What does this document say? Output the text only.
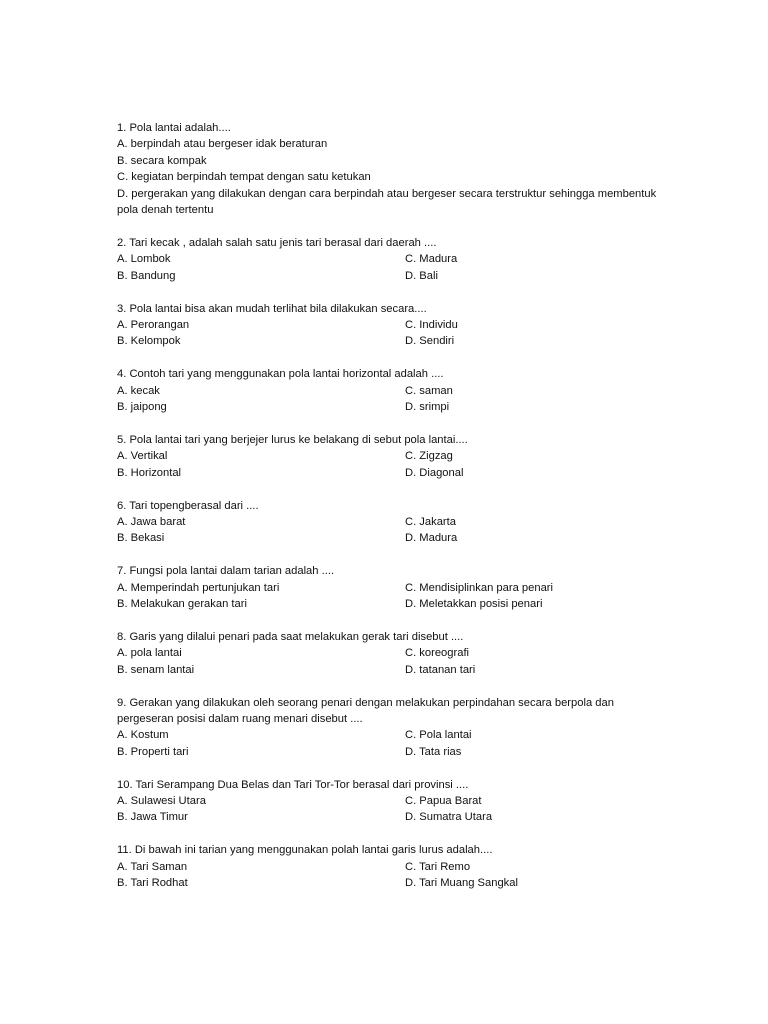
1. Pola lantai adalah....
A. berpindah atau bergeser idak beraturan
B. secara kompak
C. kegiatan berpindah tempat dengan satu ketukan
D. pergerakan yang dilakukan dengan cara berpindah atau bergeser secara terstruktur sehingga membentuk pola denah tertentu
2. Tari kecak , adalah salah satu jenis tari berasal dari daerah ....
A. Lombok	C. Madura
B. Bandung	D. Bali
3. Pola lantai bisa akan mudah terlihat bila dilakukan secara....
A. Perorangan	C. Individu
B. Kelompok	D. Sendiri
4. Contoh tari yang menggunakan pola lantai horizontal adalah ....
A. kecak	C. saman
B. jaipong	D. srimpi
5. Pola lantai tari yang berjejer lurus ke belakang di sebut pola lantai....
A. Vertikal	C. Zigzag
B. Horizontal	D. Diagonal
6. Tari topengberasal dari ....
A. Jawa barat	C. Jakarta
B. Bekasi	D. Madura
7. Fungsi pola lantai dalam tarian adalah ....
A. Memperindah pertunjukan tari	C. Mendisiplinkan para penari
B. Melakukan gerakan tari	D. Meletakkan posisi penari
8. Garis yang dilalui penari pada saat melakukan gerak tari disebut ....
A. pola lantai	C. koreografi
B. senam lantai	D. tatanan tari
9. Gerakan yang dilakukan oleh seorang penari dengan melakukan perpindahan secara berpola dan pergeseran posisi dalam ruang menari disebut ....
A. Kostum	C. Pola lantai
B. Properti tari	D. Tata rias
10. Tari Serampang Dua Belas dan Tari Tor-Tor berasal dari provinsi ....
A. Sulawesi Utara	C. Papua Barat
B. Jawa Timur	D. Sumatra Utara
11. Di bawah ini tarian yang menggunakan polah lantai garis lurus adalah....
A. Tari Saman	C. Tari Remo
B. Tari Rodhat	D. Tari Muang Sangkal
